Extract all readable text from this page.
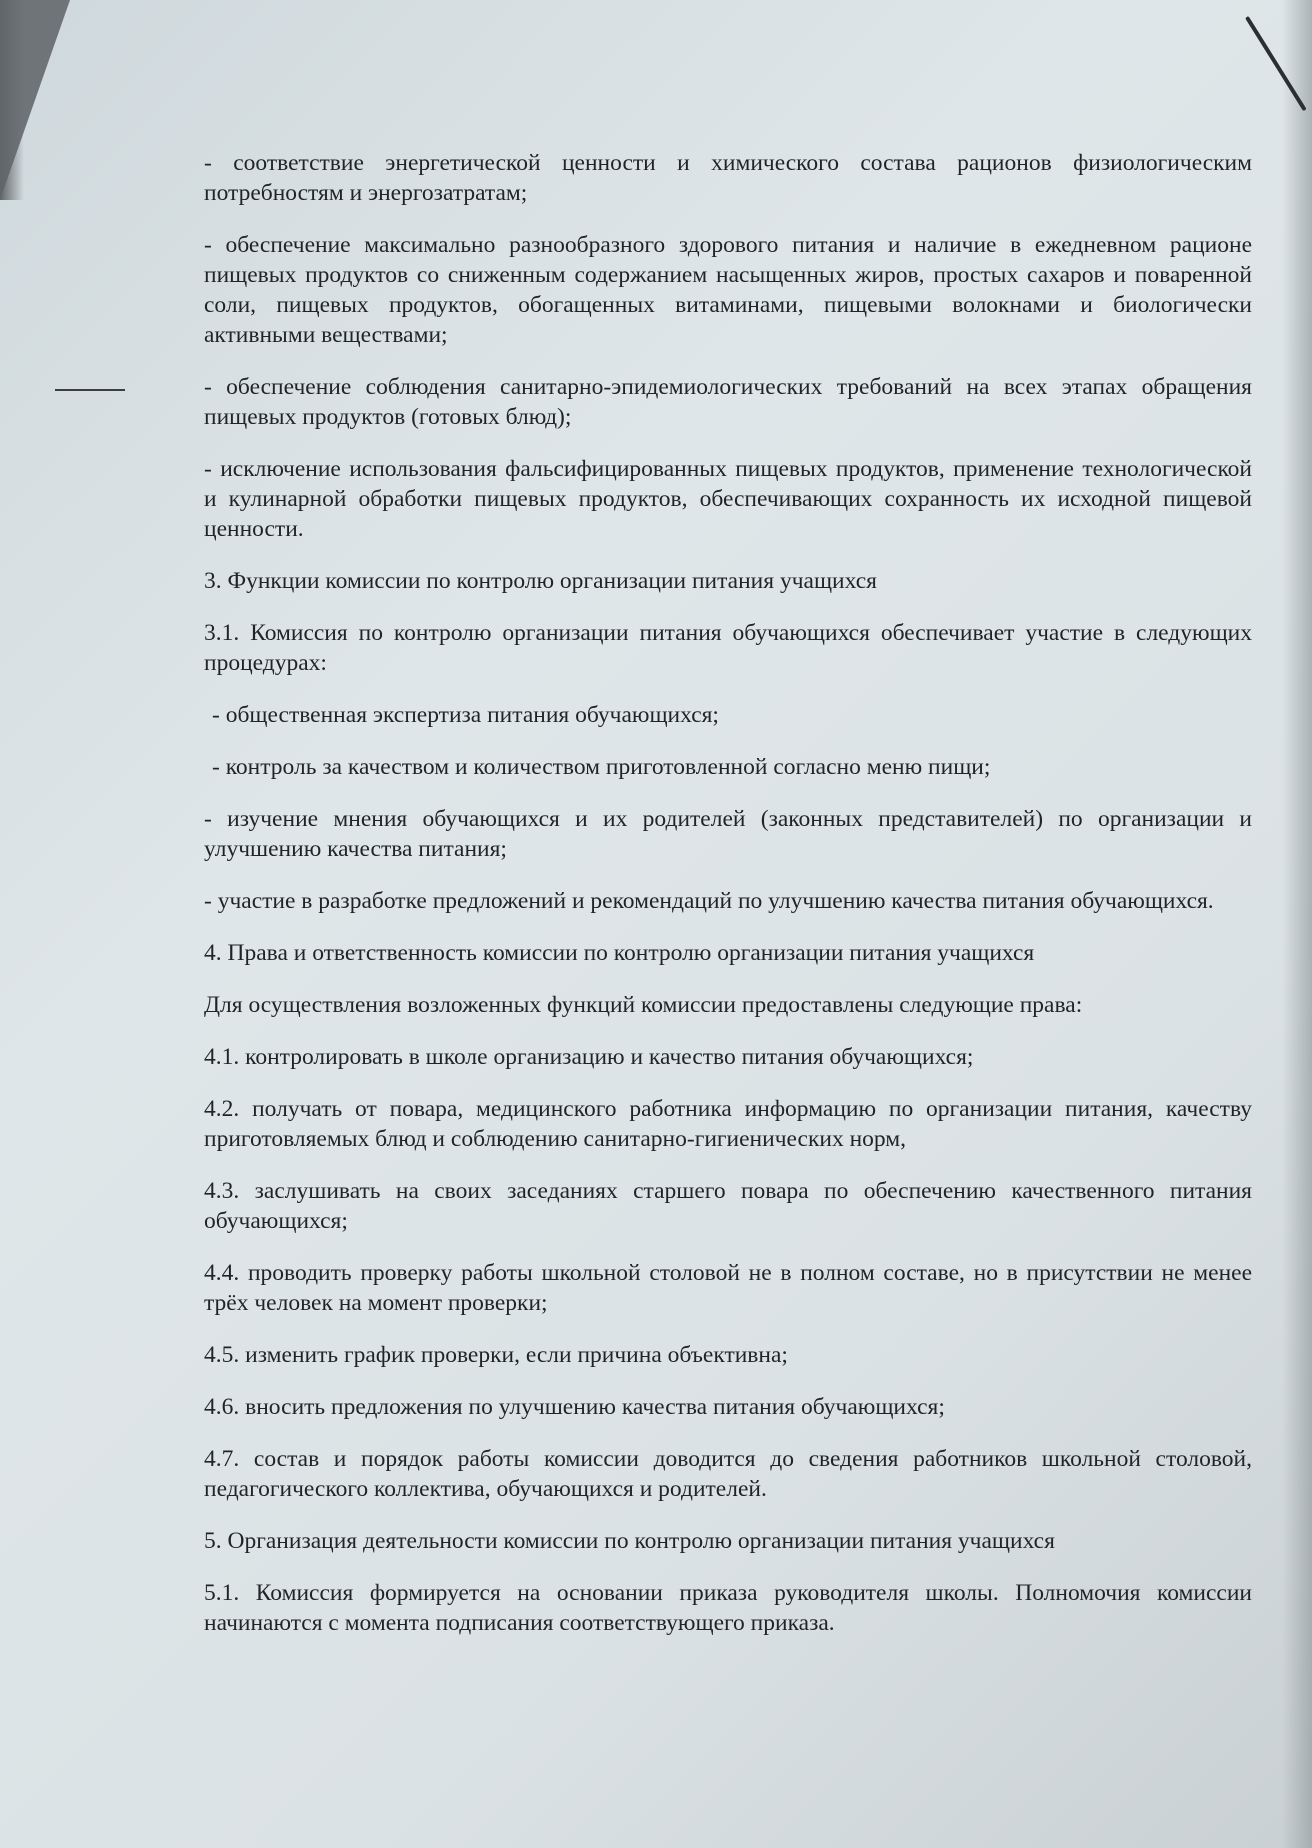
- соответствие энергетической ценности и химического состава рационов физиологическим потребностям и энергозатратам;

- обеспечение максимально разнообразного здорового питания и наличие в ежедневном рационе пищевых продуктов со сниженным содержанием насыщенных жиров, простых сахаров и поваренной соли, пищевых продуктов, обогащенных витаминами, пищевыми волокнами и биологически активными веществами;

- обеспечение соблюдения санитарно-эпидемиологических требований на всех этапах обращения пищевых продуктов (готовых блюд);

- исключение использования фальсифицированных пищевых продуктов, применение технологической и кулинарной обработки пищевых продуктов, обеспечивающих сохранность их исходной пищевой ценности.

3. Функции комиссии по контролю организации питания учащихся

3.1. Комиссия по контролю организации питания обучающихся обеспечивает участие в следующих процедурах:

- общественная экспертиза питания обучающихся;

- контроль за качеством и количеством приготовленной согласно меню пищи;

- изучение мнения обучающихся и их родителей (законных представителей) по организации и улучшению качества питания;

- участие в разработке предложений и рекомендаций по улучшению качества питания обучающихся.

4. Права и ответственность комиссии по контролю организации питания учащихся

Для осуществления возложенных функций комиссии предоставлены следующие права:

4.1. контролировать в школе организацию и качество питания обучающихся;

4.2. получать от повара, медицинского работника информацию по организации питания, качеству приготовляемых блюд и соблюдению санитарно-гигиенических норм,

4.3. заслушивать на своих заседаниях старшего повара по обеспечению качественного питания обучающихся;

4.4. проводить проверку работы школьной столовой не в полном составе, но в присутствии не менее трёх человек на момент проверки;

4.5. изменить график проверки, если причина объективна;

4.6. вносить предложения по улучшению качества питания обучающихся;

4.7. состав и порядок работы комиссии доводится до сведения работников школьной столовой, педагогического коллектива, обучающихся и родителей.

5. Организация деятельности комиссии по контролю организации питания учащихся

5.1. Комиссия формируется на основании приказа руководителя школы. Полномочия комиссии начинаются с момента подписания соответствующего приказа.
